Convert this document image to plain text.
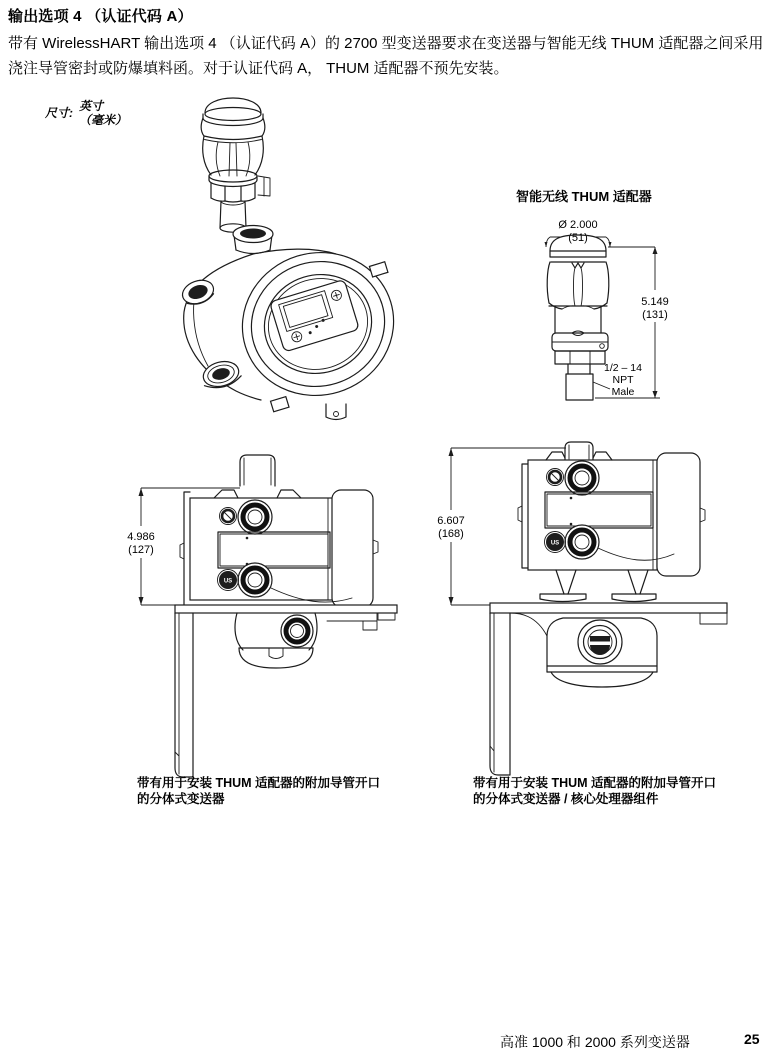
输出选项 4 （认证代码 A）
带有 WirelessHART 输出选项 4 （认证代码 A）的 2700 型变送器要求在变送器与智能无线 THUM 适配器之间采用浇注导管密封或防爆填料函。对于认证代码 A， THUM 适配器不预先安装。
尺寸: 英寸
（毫米）
智能无线 THUM 适配器
Ø 2.000
(51)
1/2 – 14
NPT
Male
5.149
(131)
4.986
(127)
US
6.607
(168)
US
带有用于安装 THUM 适配器的附加导管开口
的分体式变送器
带有用于安装 THUM 适配器的附加导管开口
的分体式变送器 / 核心处理器组件
高准 1000 和 2000 系列变送器	25
